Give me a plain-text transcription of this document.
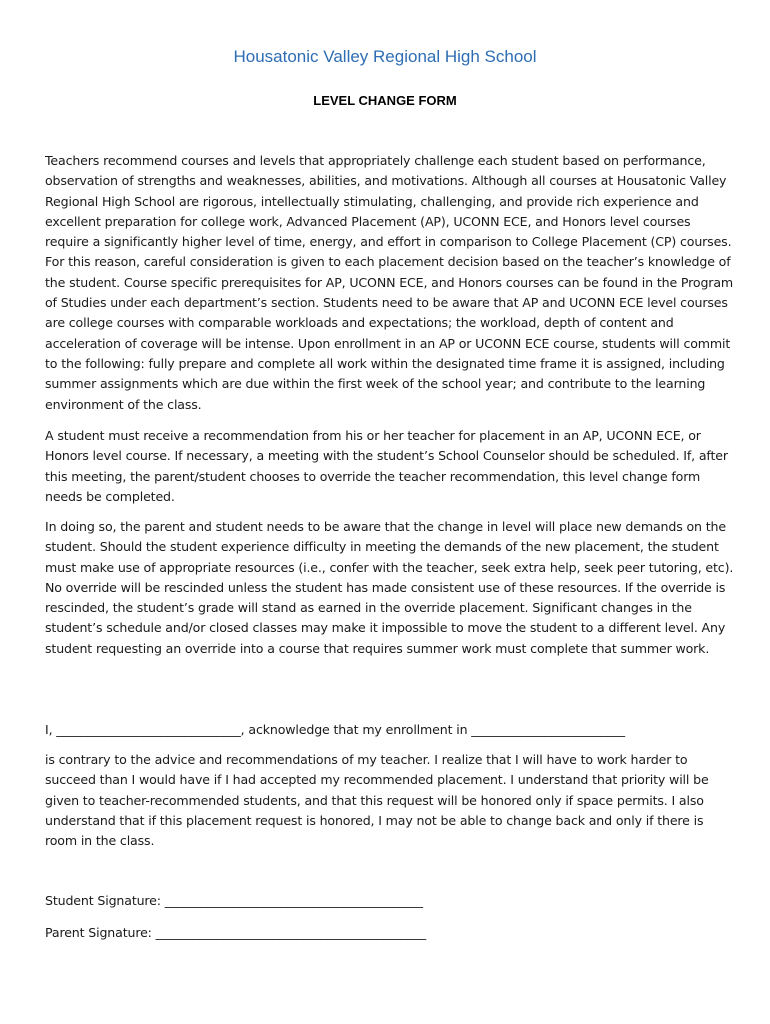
Housatonic Valley Regional High School
LEVEL CHANGE FORM

Teachers recommend courses and levels that appropriately challenge each student based on performance, observation of strengths and weaknesses, abilities, and motivations. Although all courses at Housatonic Valley Regional High School are rigorous, intellectually stimulating, challenging, and provide rich experience and excellent preparation for college work, Advanced Placement (AP), UCONN ECE, and Honors level courses require a significantly higher level of time, energy, and effort in comparison to College Placement (CP) courses. For this reason, careful consideration is given to each placement decision based on the teacher’s knowledge of the student. Course specific prerequisites for AP, UCONN ECE, and Honors courses can be found in the Program of Studies under each department’s section. Students need to be aware that AP and UCONN ECE level courses are college courses with comparable workloads and expectations; the workload, depth of content and acceleration of coverage will be intense. Upon enrollment in an AP or UCONN ECE course, students will commit to the following: fully prepare and complete all work within the designated time frame it is assigned, including summer assignments which are due within the first week of the school year; and contribute to the learning environment of the class.

A student must receive a recommendation from his or her teacher for placement in an AP, UCONN ECE, or Honors level course. If necessary, a meeting with the student’s School Counselor should be scheduled. If, after this meeting, the parent/student chooses to override the teacher recommendation, this level change form needs be completed.

In doing so, the parent and student needs to be aware that the change in level will place new demands on the student. Should the student experience difficulty in meeting the demands of the new placement, the student must make use of appropriate resources (i.e., confer with the teacher, seek extra help, seek peer tutoring, etc). No override will be rescinded unless the student has made consistent use of these resources. If the override is rescinded, the student’s grade will stand as earned in the override placement. Significant changes in the student’s schedule and/or closed classes may make it impossible to move the student to a different level. Any student requesting an override into a course that requires summer work must complete that summer work.

I, ______________________________, acknowledge that my enrollment in _________________________

is contrary to the advice and recommendations of my teacher. I realize that I will have to work harder to succeed than I would have if I had accepted my recommended placement. I understand that priority will be given to teacher-recommended students, and that this request will be honored only if space permits. I also understand that if this placement request is honored, I may not be able to change back and only if there is room in the class.

Student Signature: __________________________________________
Parent Signature: ____________________________________________
